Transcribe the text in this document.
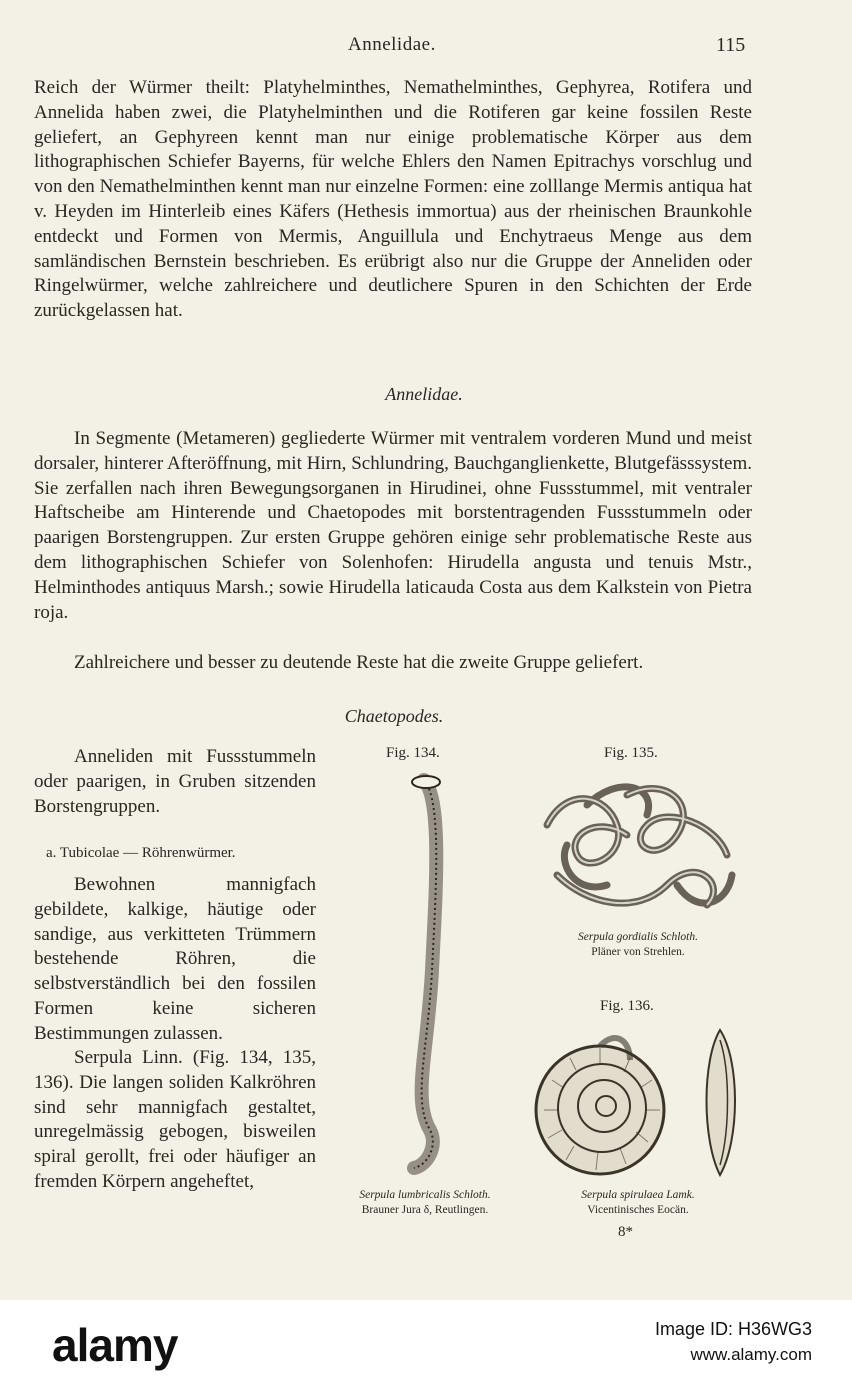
Annelidae.	115
Reich der Würmer theilt: Platyhelminthes, Nemathelminthes, Gephyrea, Rotifera und Annelida haben zwei, die Platyhelminthen und die Rotiferen gar keine fossilen Reste geliefert, an Gephyreen kennt man nur einige problematische Körper aus dem lithographischen Schiefer Bayerns, für welche Ehlers den Namen Epitrachys vorschlug und von den Nemathelminthen kennt man nur einzelne Formen: eine zolllange Mermis antiqua hat v. Heyden im Hinterleib eines Käfers (Hethesis immortua) aus der rheinischen Braunkohle entdeckt und Formen von Mermis, Anguillula und Enchytraeus Menge aus dem samländischen Bernstein beschrieben. Es erübrigt also nur die Gruppe der Anneliden oder Ringelwürmer, welche zahlreichere und deutlichere Spuren in den Schichten der Erde zurückgelassen hat.
Annelidae.
In Segmente (Metameren) gegliederte Würmer mit ventralem vorderen Mund und meist dorsaler, hinterer Afteröffnung, mit Hirn, Schlundring, Bauchganglienkette, Blutgefässsystem. Sie zerfallen nach ihren Bewegungsorganen in Hirudinei, ohne Fussstummel, mit ventraler Haftscheibe am Hinterende und Chaetopodes mit borstentragenden Fussstummeln oder paarigen Borstengruppen. Zur ersten Gruppe gehören einige sehr problematische Reste aus dem lithographischen Schiefer von Solenhofen: Hirudella angusta und tenuis Mstr., Helminthodes antiquus Marsh.; sowie Hirudella laticauda Costa aus dem Kalkstein von Pietra roja.
Zahlreichere und besser zu deutende Reste hat die zweite Gruppe geliefert.
Chaetopodes.
Anneliden mit Fussstummeln oder paarigen, in Gruben sitzenden Borstengruppen.
a. Tubicolae — Röhrenwürmer.
Bewohnen mannigfach gebildete, kalkige, häutige oder sandige, aus verkitteten Trümmern bestehende Röhren, die selbstverständlich bei den fossilen Formen keine sicheren Bestimmungen zulassen.
Serpula Linn. (Fig. 134, 135, 136). Die langen soliden Kalkröhren sind sehr mannigfach gestaltet, unregelmässig gebogen, bisweilen spiral gerollt, frei oder häufiger an fremden Körpern angeheftet,
Fig. 134.
Serpula lumbricalis Schloth.
Brauner Jura δ, Reutlingen.
Fig. 135.
Serpula gordialis Schloth.
Pläner von Strehlen.
Fig. 136.
Serpula spirulaea Lamk.
Vicentinisches Eocän.
8*
alamy	Image ID: H36WG3
www.alamy.com
